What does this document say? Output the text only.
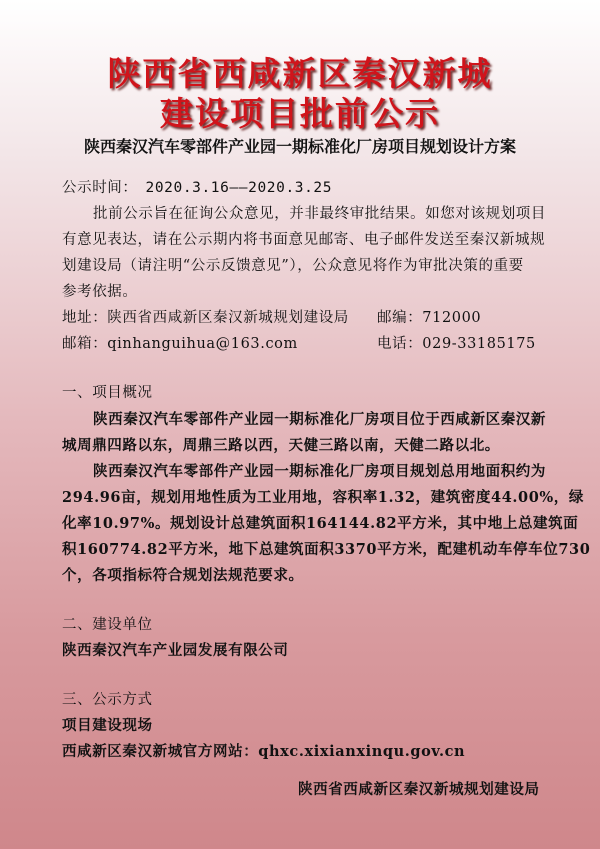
陕西省西咸新区秦汉新城
建设项目批前公示
陕西秦汉汽车零部件产业园一期标准化厂房项目规划设计方案
公示时间： 2020.3.16——2020.3.25
批前公示旨在征询公众意见，并非最终审批结果。如您对该规划项目
有意见表达，请在公示期内将书面意见邮寄、电子邮件发送至秦汉新城规
划建设局（请注明“公示反馈意见”），公众意见将作为审批决策的重要
参考依据。
地址：陕西省西咸新区秦汉新城规划建设局 邮编：712000
邮箱：qinhanguihua@163.com	电话：029-33185175
一、项目概况
陕西秦汉汽车零部件产业园一期标准化厂房项目位于西咸新区秦汉新
城周鼎四路以东，周鼎三路以西，天健三路以南，天健二路以北。
陕西秦汉汽车零部件产业园一期标准化厂房项目规划总用地面积约为
294.96亩，规划用地性质为工业用地，容积率1.32，建筑密度44.00%，绿
化率10.97%。规划设计总建筑面积164144.82平方米，其中地上总建筑面
积160774.82平方米，地下总建筑面积3370平方米，配建机动车停车位730
个，各项指标符合规划法规范要求。
二、建设单位
陕西秦汉汽车产业园发展有限公司
三、公示方式
项目建设现场
西咸新区秦汉新城官方网站：qhxc.xixianxinqu.gov.cn
陕西省西咸新区秦汉新城规划建设局
